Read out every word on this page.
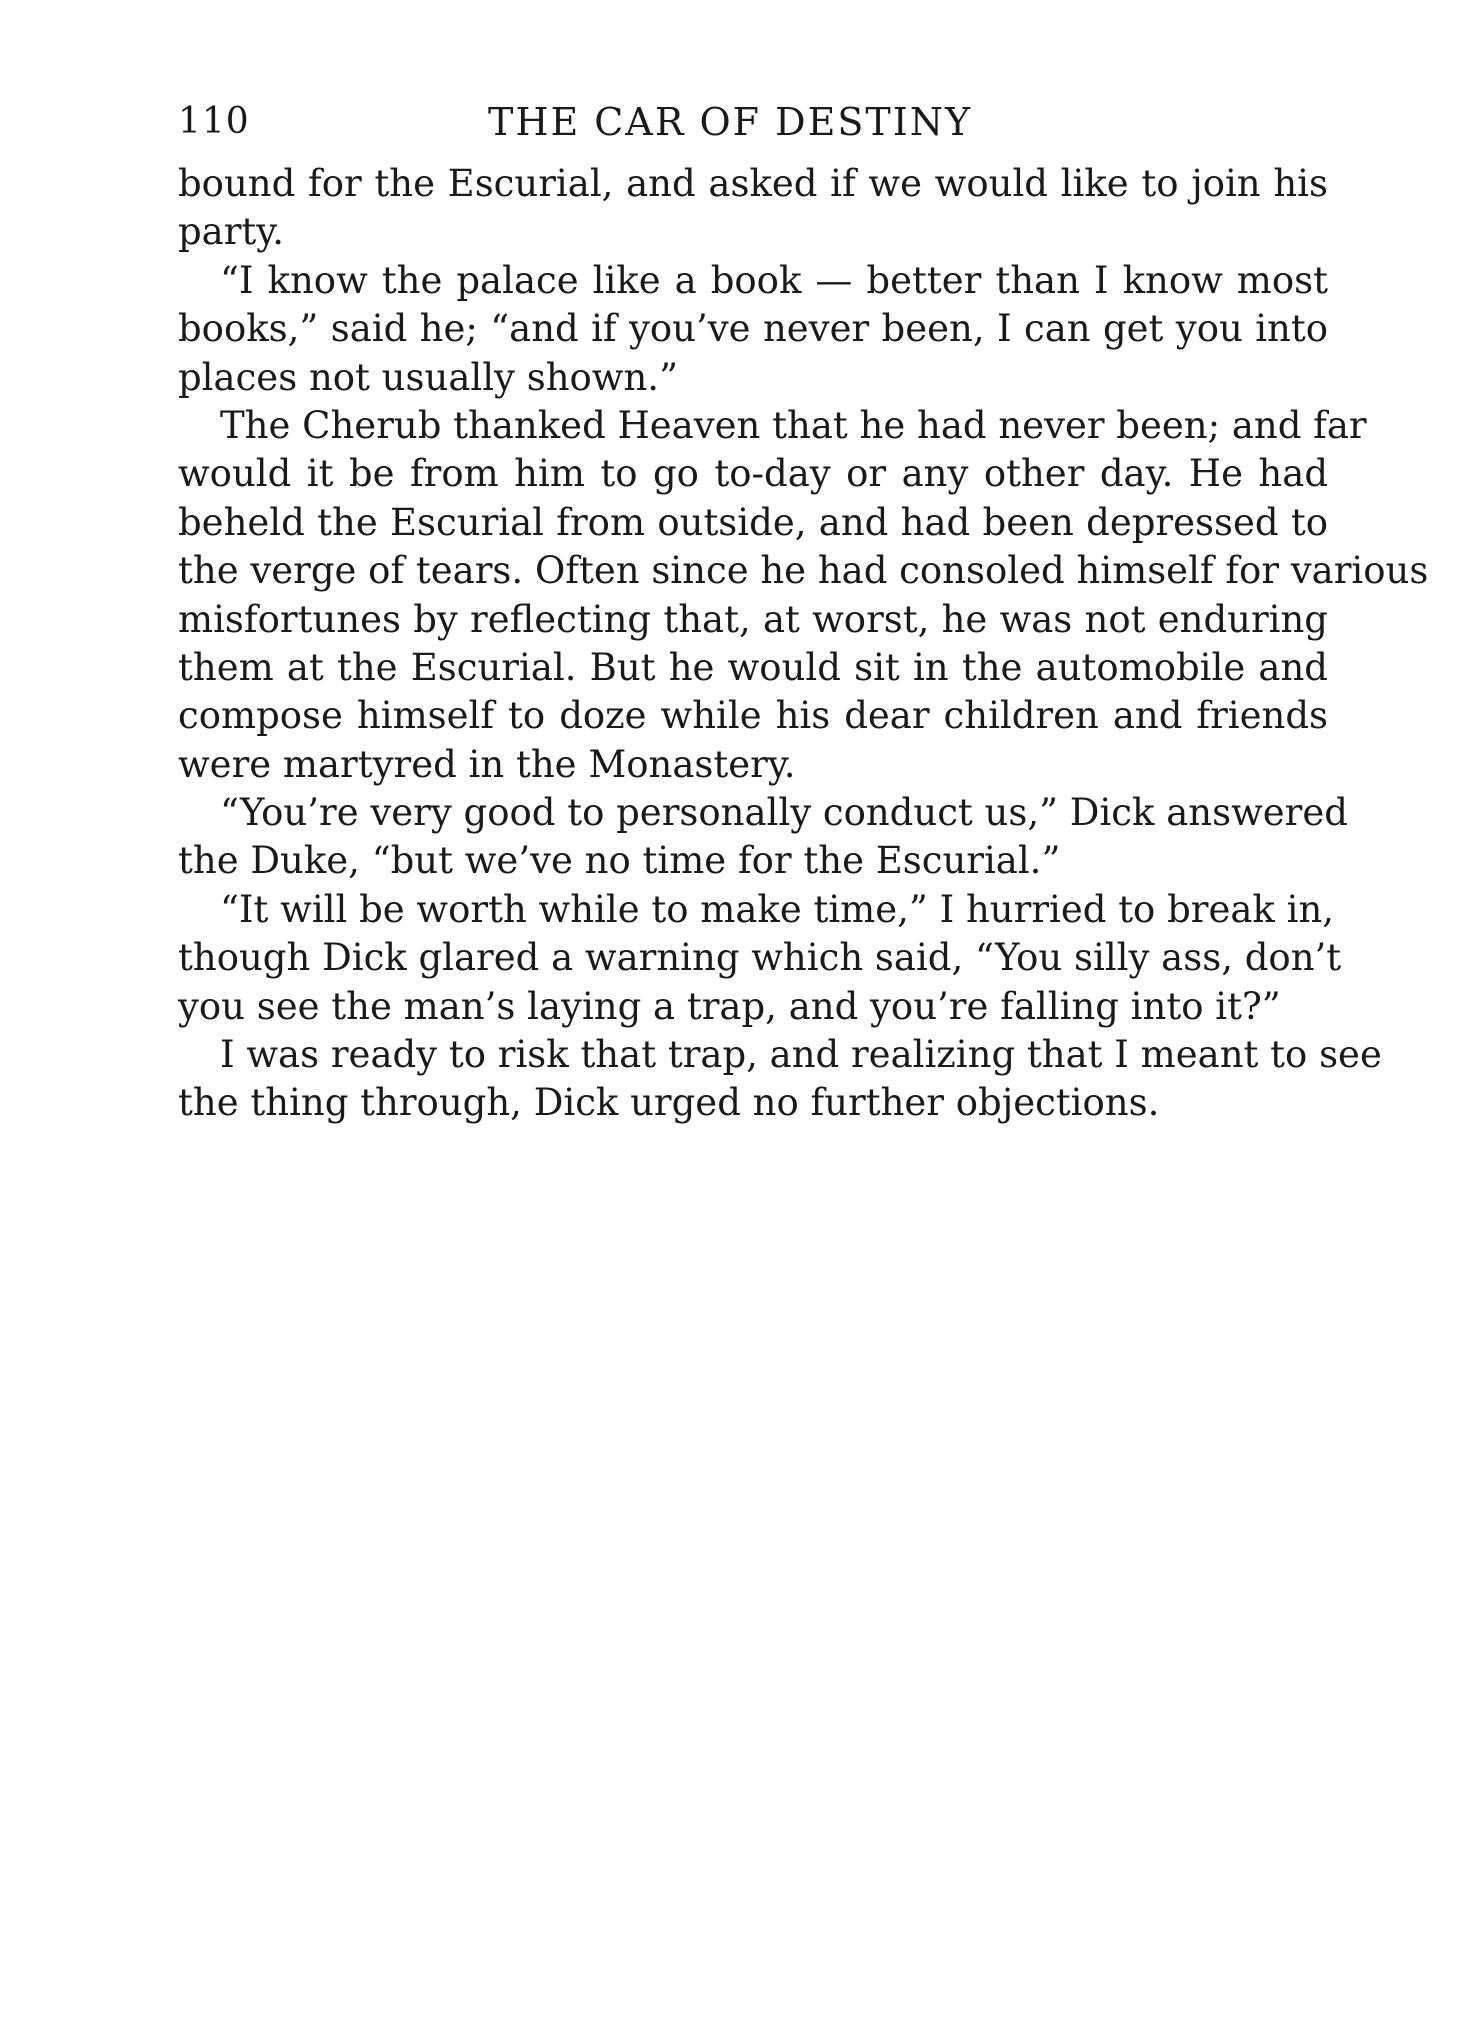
110	THE CAR OF DESTINY
bound for the Escurial, and asked if we would like to join his
party.
“I know the palace like a book — better than I know most
books,” said he; “and if you’ve never been, I can get you into
places not usually shown.”
The Cherub thanked Heaven that he had never been; and far
would it be from him to go to-day or any other day. He had
beheld the Escurial from outside, and had been depressed to
the verge of tears. Often since he had consoled himself for various
misfortunes by reflecting that, at worst, he was not enduring
them at the Escurial. But he would sit in the automobile and
compose himself to doze while his dear children and friends
were martyred in the Monastery.
“You’re very good to personally conduct us,” Dick answered
the Duke, “but we’ve no time for the Escurial.”
“It will be worth while to make time,” I hurried to break in,
though Dick glared a warning which said, “You silly ass, don’t
you see the man’s laying a trap, and you’re falling into it?”
I was ready to risk that trap, and realizing that I meant to see
the thing through, Dick urged no further objections.
